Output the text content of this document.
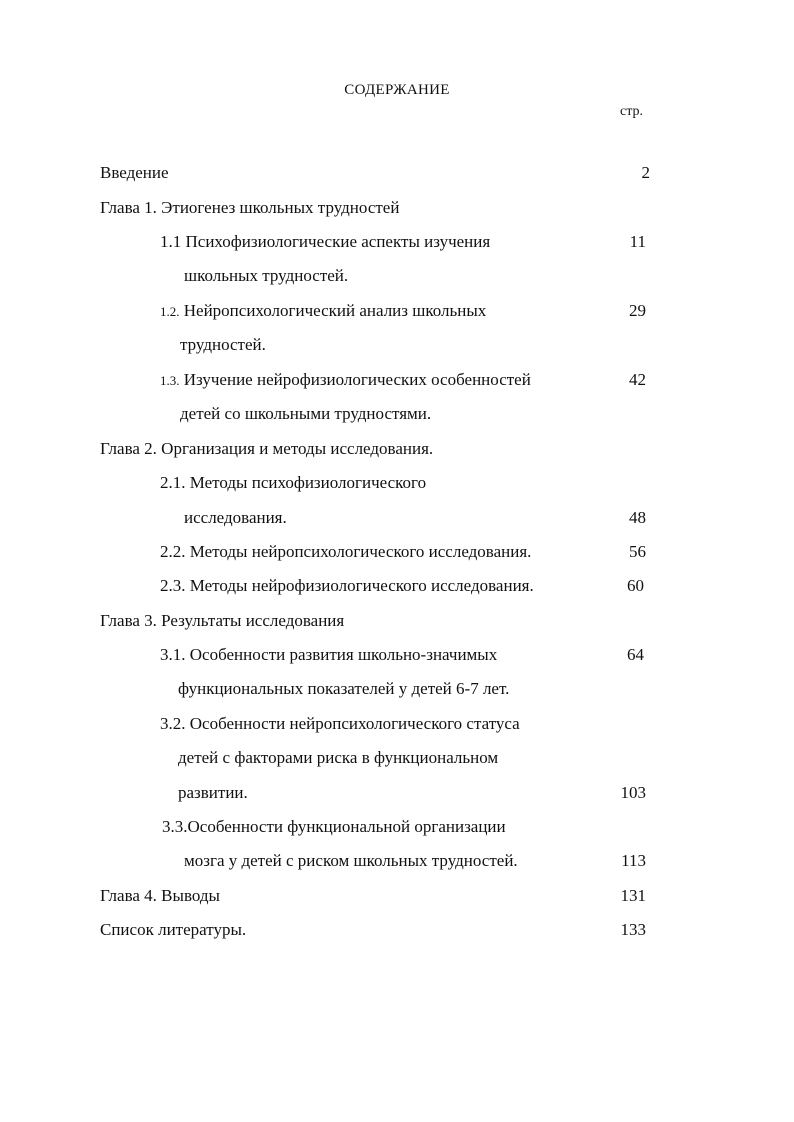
СОДЕРЖАНИЕ
стр.
Введение	2
Глава 1. Этиогенез школьных трудностей
1.1 Психофизиологические аспекты изучения	11
школьных трудностей.
1.2. Нейропсихологический анализ школьных	29
трудностей.
1.3. Изучение нейрофизиологических особенностей	42
детей со школьными трудностями.
Глава 2. Организация и методы исследования.
2.1. Методы психофизиологического
исследования.	48
2.2. Методы нейропсихологического исследования.	56
2.3. Методы нейрофизиологического исследования.	60
Глава 3. Результаты исследования
3.1. Особенности развития школьно-значимых	64
функциональных показателей у детей 6-7 лет.
3.2. Особенности нейропсихологического статуса
детей с факторами риска в функциональном
развитии.	103
3.3.Особенности функциональной организации
мозга у детей с риском школьных трудностей.	113
Глава 4. Выводы	131
Список литературы.	133
